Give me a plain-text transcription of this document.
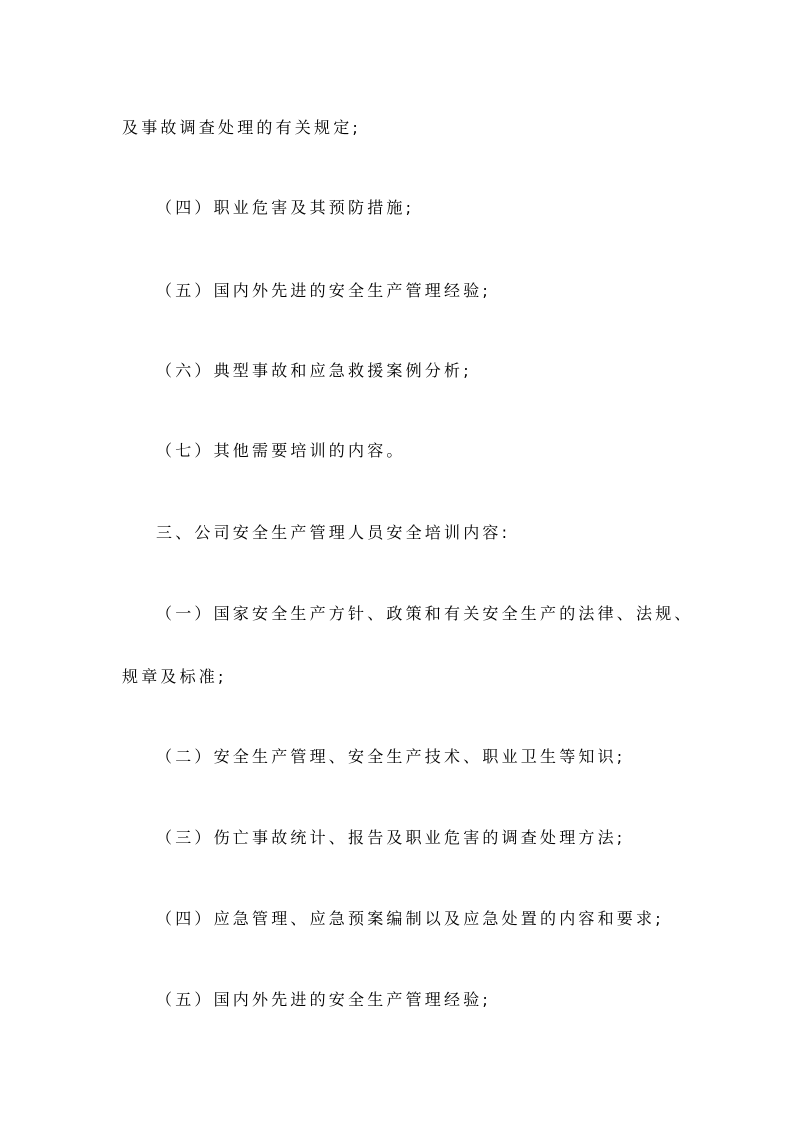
及事故调查处理的有关规定;
（四）职业危害及其预防措施;
（五）国内外先进的安全生产管理经验;
（六）典型事故和应急救援案例分析;
（七）其他需要培训的内容。
三、公司安全生产管理人员安全培训内容:
（一）国家安全生产方针、政策和有关安全生产的法律、法规、
规章及标准;
（二）安全生产管理、安全生产技术、职业卫生等知识;
（三）伤亡事故统计、报告及职业危害的调查处理方法;
（四）应急管理、应急预案编制以及应急处置的内容和要求;
（五）国内外先进的安全生产管理经验;
